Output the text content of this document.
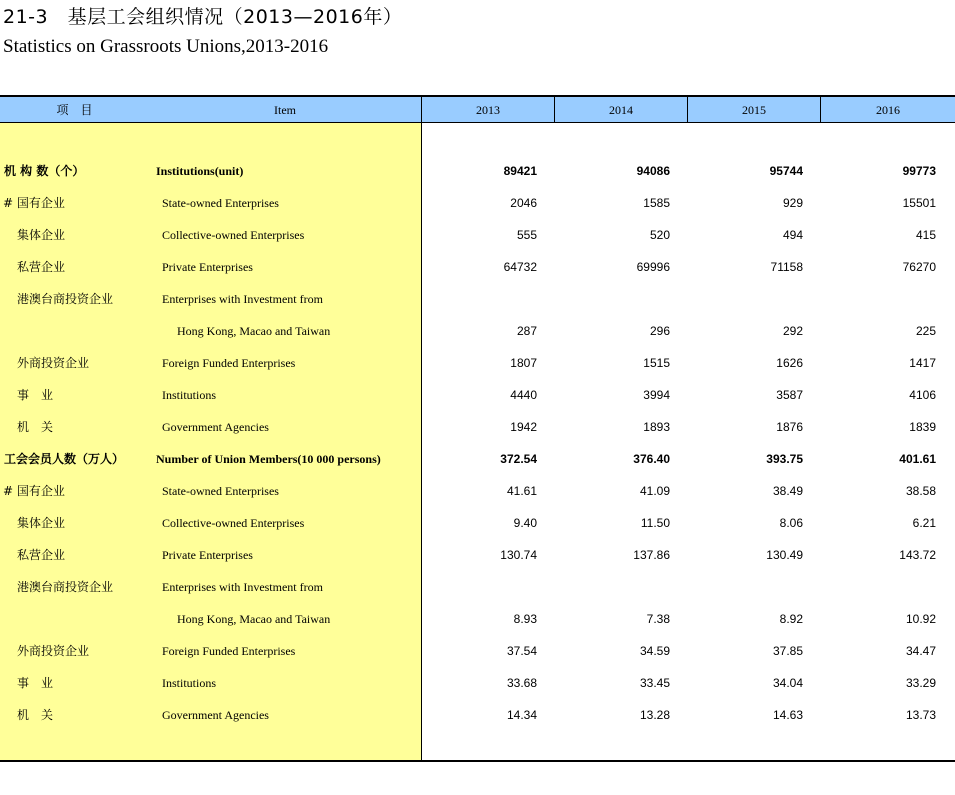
21-3　基层工会组织情况（2013—2016年）
Statistics on Grassroots Unions,2013-2016
项　目	Item	2013	2014	2015	2016
机 构 数（个）	Institutions(unit)	89421	94086	95744	99773
# 国有企业	State-owned Enterprises	2046	1585	929	15501
集体企业	Collective-owned Enterprises	555	520	494	415
私营企业	Private Enterprises	64732	69996	71158	76270
港澳台商投资企业	Enterprises with Investment from
Hong Kong, Macao and Taiwan	287	296	292	225
外商投资企业	Foreign Funded Enterprises	1807	1515	1626	1417
事　业	Institutions	4440	3994	3587	4106
机　关	Government Agencies	1942	1893	1876	1839
工会会员人数（万人）	Number of Union Members(10 000 persons)	372.54	376.40	393.75	401.61
# 国有企业	State-owned Enterprises	41.61	41.09	38.49	38.58
集体企业	Collective-owned Enterprises	9.40	11.50	8.06	6.21
私营企业	Private Enterprises	130.74	137.86	130.49	143.72
港澳台商投资企业	Enterprises with Investment from
Hong Kong, Macao and Taiwan	8.93	7.38	8.92	10.92
外商投资企业	Foreign Funded Enterprises	37.54	34.59	37.85	34.47
事　业	Institutions	33.68	33.45	34.04	33.29
机　关	Government Agencies	14.34	13.28	14.63	13.73
